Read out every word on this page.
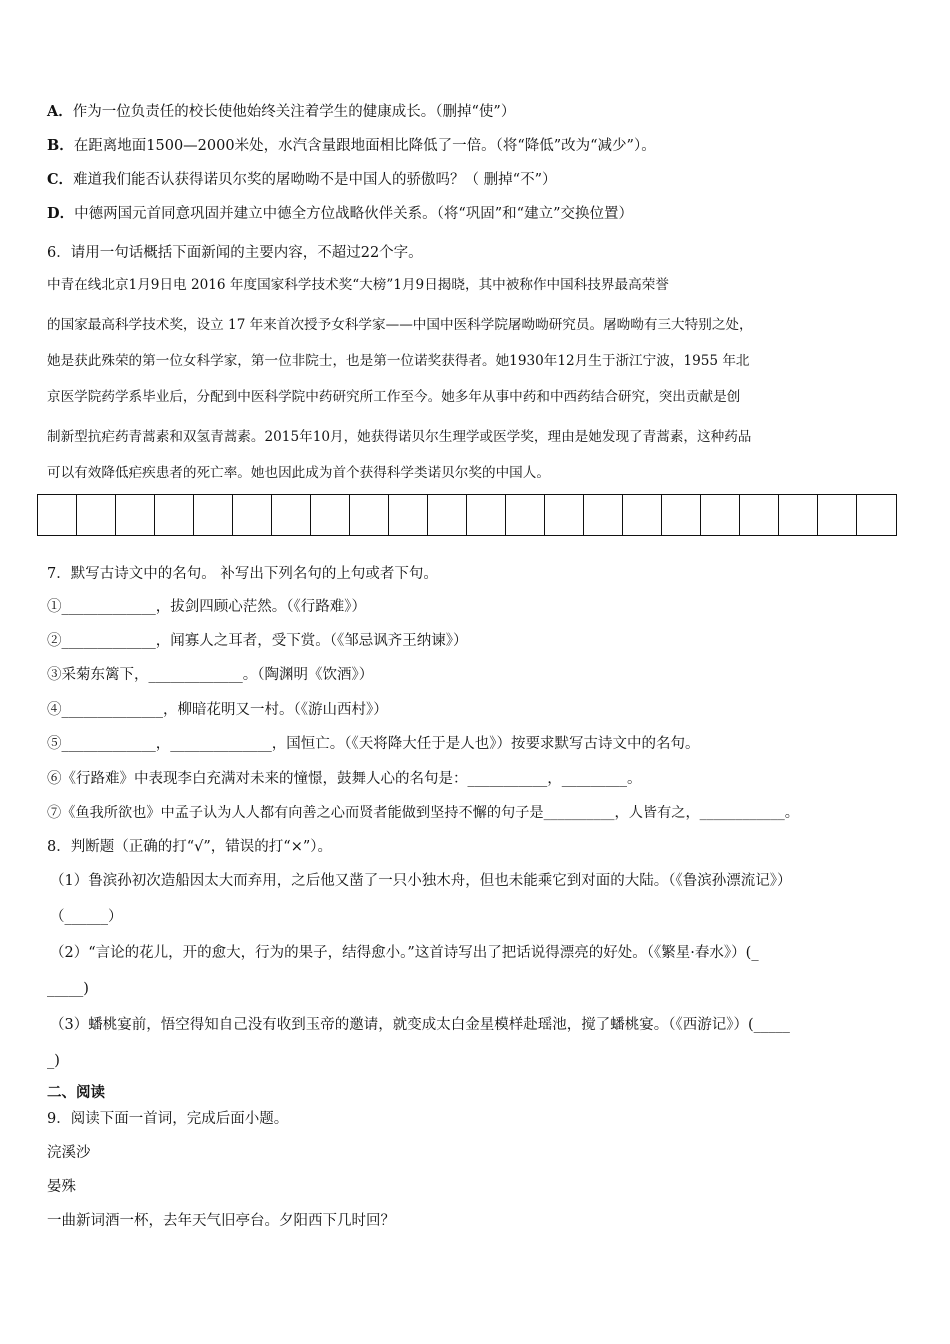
A．作为一位负责任的校长使他始终关注着学生的健康成长。（删掉“使”）
B．在距离地面1500—2000米处，水汽含量跟地面相比降低了一倍。（将“降低”改为“减少”）。
C．难道我们能否认获得诺贝尔奖的屠呦呦不是中国人的骄傲吗？（ 删掉“不”）
D．中德两国元首同意巩固并建立中德全方位战略伙伴关系。（将“巩固”和“建立”交换位置）
6．请用一句话概括下面新闻的主要内容，不超过22个字。
中青在线北京1月9日电 2016 年度国家科学技术奖“大榜”1月9日揭晓，其中被称作中国科技界最高荣誉
的国家最高科学技术奖，设立 17 年来首次授予女科学家——中国中医科学院屠呦呦研究员。屠呦呦有三大特别之处，
她是获此殊荣的第一位女科学家，第一位非院士，也是第一位诺奖获得者。她1930年12月生于浙江宁波，1955 年北
京医学院药学系毕业后，分配到中医科学院中药研究所工作至今。她多年从事中药和中西药结合研究，突出贡献是创
制新型抗疟药青蒿素和双氢青蒿素。2015年10月，她获得诺贝尔生理学或医学奖，理由是她发现了青蒿素，这种药品
可以有效降低疟疾患者的死亡率。她也因此成为首个获得科学类诺贝尔奖的中国人。
7．默写古诗文中的名句。 补写出下列名句的上句或者下句。
①_____________，拔剑四顾心茫然。（《行路难》）
②_____________，闻寡人之耳者，受下赏。（《邹忌讽齐王纳谏》）
③采菊东篱下，_____________。（陶渊明《饮酒》）
④______________，柳暗花明又一村。（《游山西村》）
⑤_____________，______________，国恒亡。（《天将降大任于是人也》）按要求默写古诗文中的名句。
⑥《行路难》中表现李白充满对未来的憧憬，鼓舞人心的名句是：___________，_________。
⑦《鱼我所欲也》中孟子认为人人都有向善之心而贤者能做到坚持不懈的句子是__________，人皆有之，____________。
8．判断题（正确的打“√”，错误的打“×”）。
（1）鲁滨孙初次造船因太大而弃用，之后他又凿了一只小独木舟，但也未能乘它到对面的大陆。（《鲁滨孙漂流记》）
（______）
（2）“言论的花儿，开的愈大，行为的果子，结得愈小。”这首诗写出了把话说得漂亮的好处。（《繁星·春水》）(_
_____)
（3）蟠桃宴前，悟空得知自己没有收到玉帝的邀请，就变成太白金星模样赴瑶池，搅了蟠桃宴。（《西游记》）(_____
_)
二、阅读
9．阅读下面一首词，完成后面小题。
浣溪沙
晏殊
一曲新词酒一杯，去年天气旧亭台。夕阳西下几时回？
